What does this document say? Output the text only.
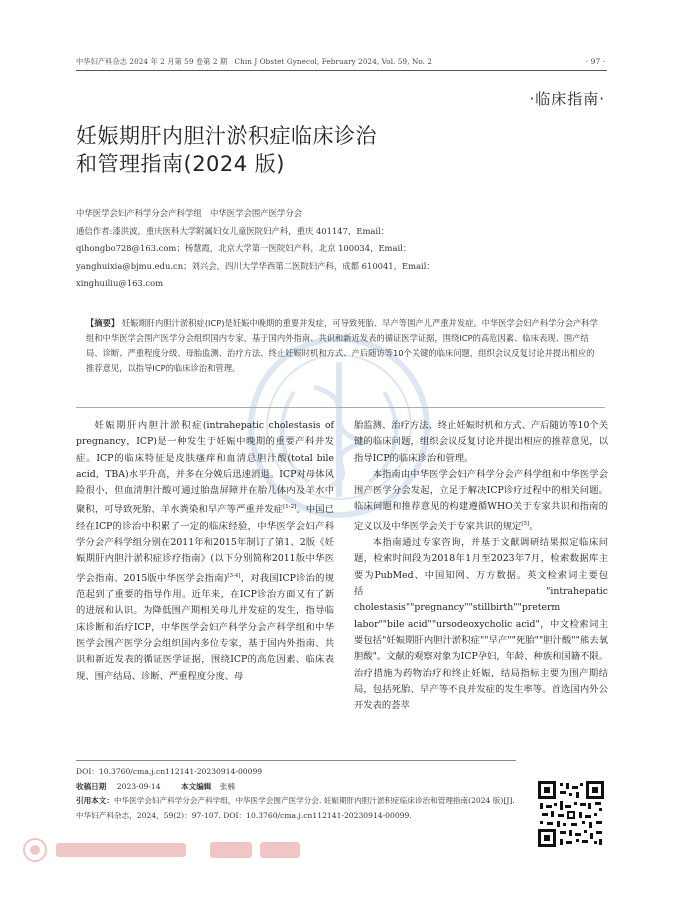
中华妇产科杂志 2024 年 2 月第 59 卷第 2 期　Chin J Obstet Gynecol, February 2024, Vol. 59, No. 2	· 97 ·
·临床指南·
妊娠期肝内胆汁淤积症临床诊治
和管理指南(2024 版)
中华医学会妇产科学分会产科学组　中华医学会围产医学分会
通信作者:漆洪波，重庆医科大学附属妇女儿童医院妇产科，重庆 401147，Email：
qihongbo728@163.com；杨慧霞，北京大学第一医院妇产科，北京 100034，Email：
yanghuixia@bjmu.edu.cn；刘兴会，四川大学华西第二医院妇产科，成都 610041，Email：
xinghuiliu@163.com
【摘要】 妊娠期肝内胆汁淤积症(ICP)是妊娠中晚期的重要并发症，可导致死胎、早产等围产儿严重并发症。中华医学会妇产科学分会产科学组和中华医学会围产医学分会组织国内专家，基于国内外指南、共识和新近发表的循证医学证据，围绕ICP的高危因素、临床表现、围产结局、诊断、严重程度分级、母胎监测、治疗方法、终止妊娠时机和方式、产后随访等10个关键的临床问题，组织会议反复讨论并提出相应的推荐意见，以指导ICP的临床诊治和管理。

妊娠期肝内胆汁淤积症(intrahepatic cholestasis of pregnancy，ICP)是一种发生于妊娠中晚期的重要产科并发症。ICP的临床特征是皮肤瘙痒和血清总胆汁酸(total bile acid，TBA)水平升高，并多在分娩后迅速消退。ICP对母体风险很小，但血清胆汁酸可通过胎盘屏障并在胎儿体内及羊水中聚积，可导致死胎、羊水粪染和早产等严重并发症[1-2]。中国已经在ICP的诊治中积累了一定的临床经验，中华医学会妇产科学分会产科学组分别在2011年和2015年制订了第1、2版《妊娠期肝内胆汁淤积症诊疗指南》(以下分别简称2011版中华医学会指南、2015版中华医学会指南)[3-4]，对我国ICP诊治的规范起到了重要的指导作用。近年来，在ICP诊治方面又有了新的进展和认识。为降低围产期相关母儿并发症的发生，指导临床诊断和治疗ICP，中华医学会妇产科学分会产科学组和中华医学会围产医学分会组织国内多位专家，基于国内外指南、共识和新近发表的循证医学证据，围绕ICP的高危因素、临床表现、围产结局、诊断、严重程度分度、母

胎监测、治疗方法、终止妊娠时机和方式、产后随访等10个关键的临床问题，组织会议反复讨论并提出相应的推荐意见，以指导ICP的临床诊治和管理。

本指南由中华医学会妇产科学分会产科学组和中华医学会围产医学分会发起，立足于解决ICP诊疗过程中的相关问题。临床问题和推荐意见的构建遵循WHO关于专家共识和指南的定义以及中华医学会关于专家共识的规定[5]。

本指南通过专家咨询，并基于文献调研结果拟定临床问题，检索时间段为2018年1月至2023年7月，检索数据库主要为PubMed、中国知网、万方数据。英文检索词主要包括"intrahepatic cholestasis""pregnancy""stillbirth""preterm labor""bile acid""ursodeoxycholic acid"，中文检索词主要包括"妊娠期肝内胆汁淤积症""早产""死胎""胆汁酸""熊去氧胆酸"。文献的观察对象为ICP孕妇，年龄、种族和国籍不限。治疗措施为药物治疗和终止妊娠，结局指标主要为围产期结局，包括死胎、早产等不良并发症的发生率等。首选国内外公开发表的荟萃

DOI：10.3760/cma.j.cn112141-20230914-00099
收稿日期 2023-09-14	本文编辑 张楠
引用本文：中华医学会妇产科学分会产科学组，中华医学会围产医学分会. 妊娠期肝内胆汁淤积症临床诊治和管理指南(2024 版)[J]. 中华妇产科杂志，2024，59(2)：97-107. DOI：10.3760/cma.j.cn112141-20230914-00099.
